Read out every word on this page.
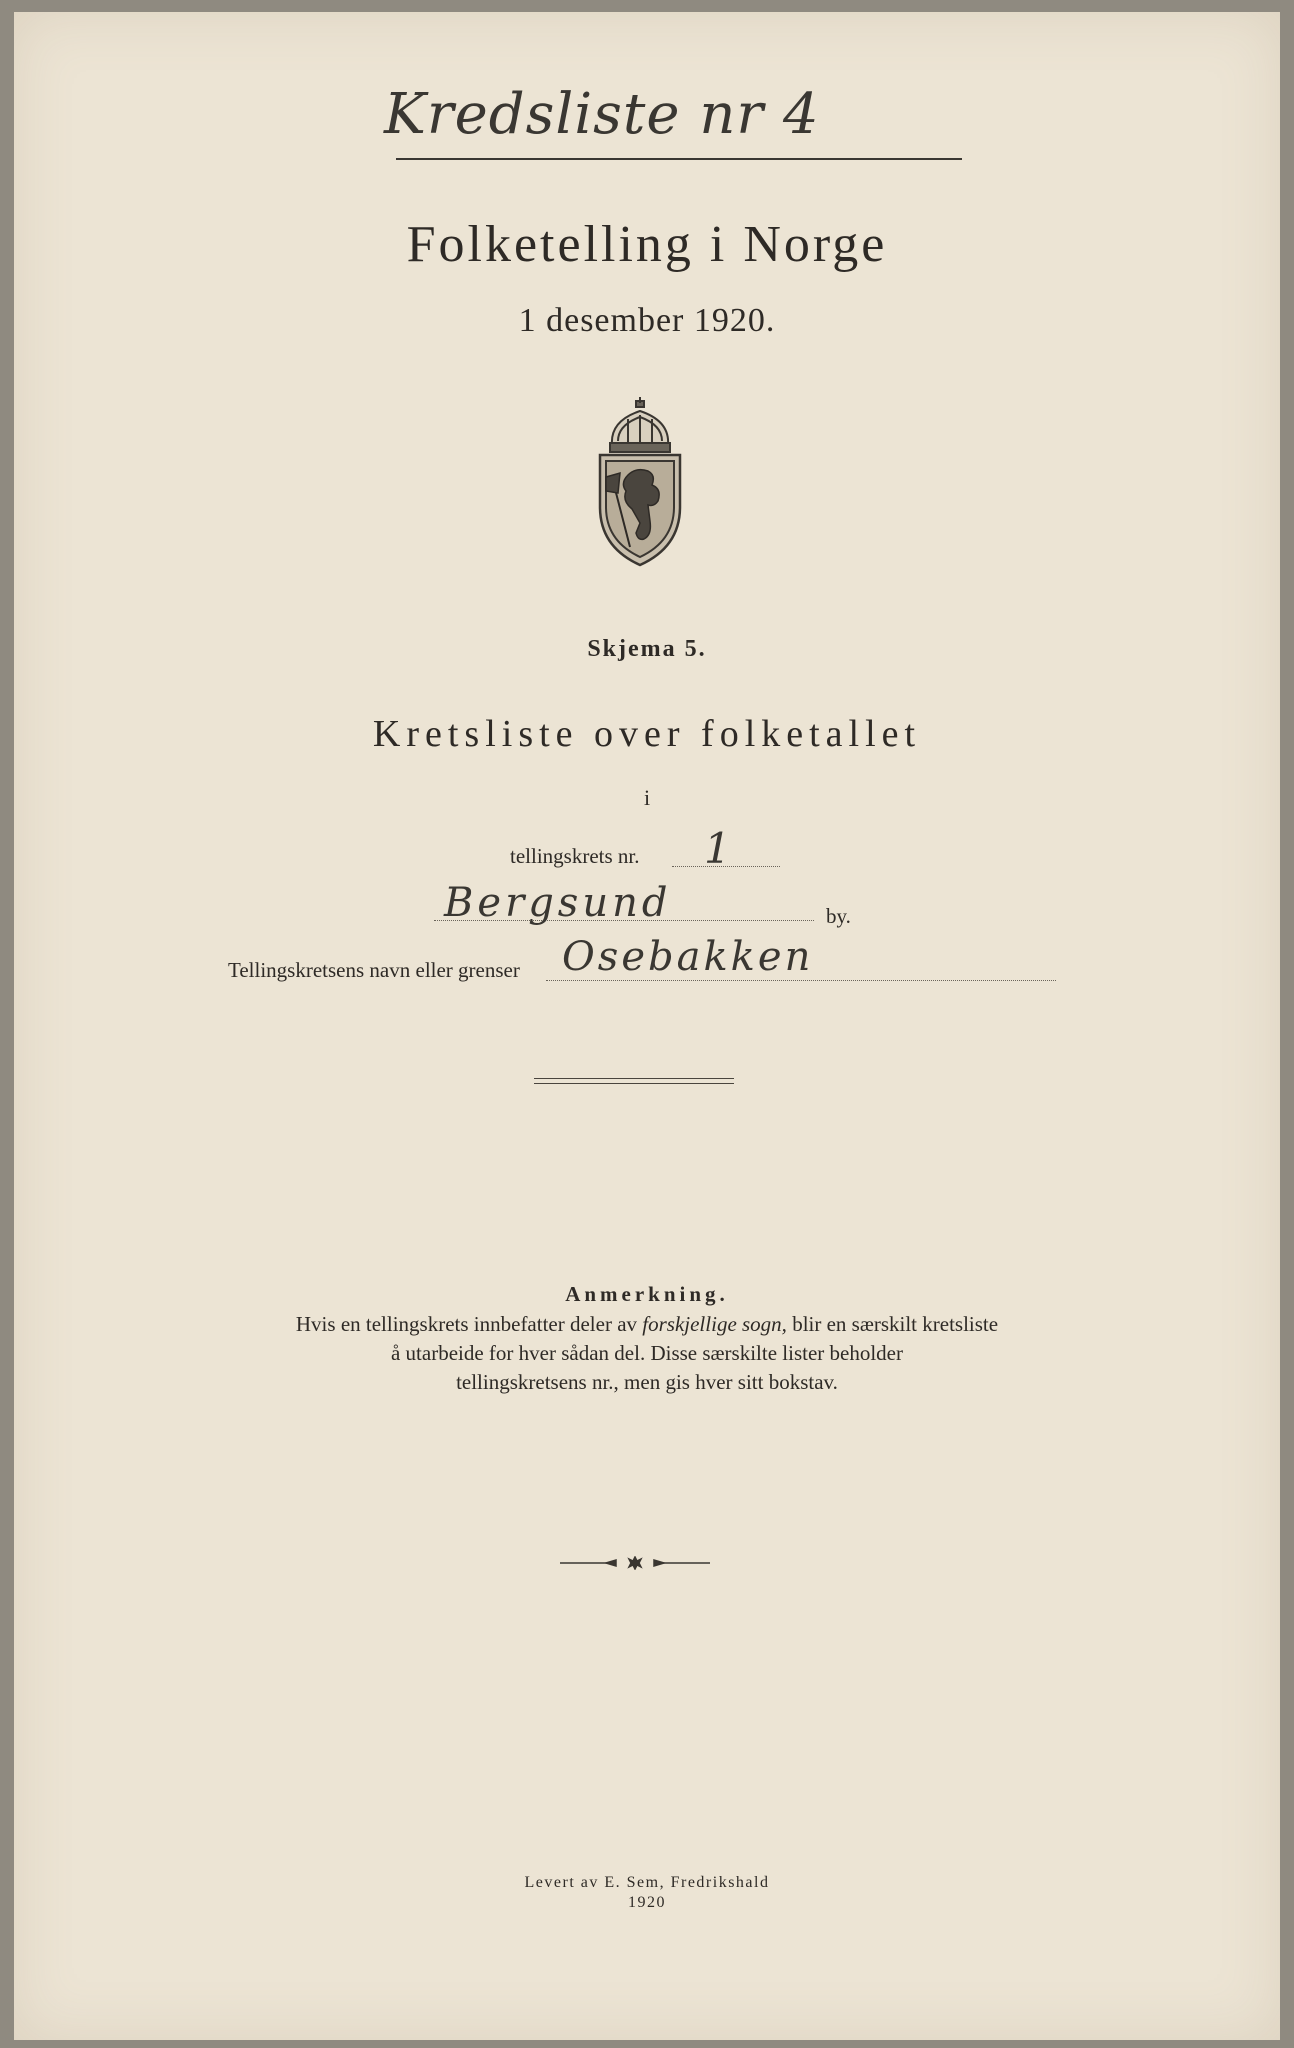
Kredsliste nr 4
Folketelling i Norge
1 desember 1920.
Skjema 5.
Kretsliste over folketallet
i
tellingskrets nr. 1
Bergsund	by.
Tellingskretsens navn eller grenser Osebakken
Anmerkning.

Hvis en tellingskrets innbefatter deler av forskjellige sogn, blir en særskilt kretsliste

å utarbeide for hver sådan del. Disse særskilte lister beholder

tellingskretsens nr., men gis hver sitt bokstav.

Levert av E. Sem, Fredrikshald
1920
